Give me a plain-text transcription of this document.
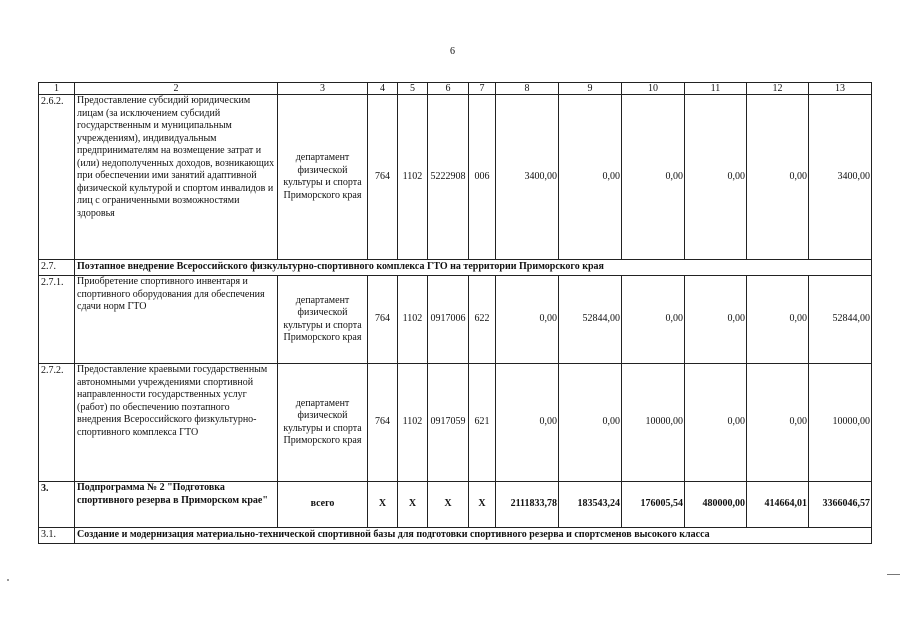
6
1	2	3	4	5	6	7	8	9	10	11	12	13
2.6.2.	Предоставление субсидий юридическим лицам (за исключением субсидий государственным и муниципальным учреждениям), индивидуальным предпринимателям на возмещение затрат и (или) недополученных доходов, возникающих при обеспечении ими занятий адаптивной физической культурой и спортом инвалидов и лиц с ограниченными возможностями здоровья	департамент физической культуры и спорта Приморского края	764	1102	5222908	006	3400,00	0,00	0,00	0,00	0,00	3400,00
2.7.	Поэтапное внедрение Всероссийского физкультурно-спортивного комплекса ГТО на территории Приморского края											
2.7.1.	Приобретение спортивного инвентаря и спортивного оборудования для обеспечения сдачи норм ГТО	департамент физической культуры и спорта Приморского края	764	1102	0917006	622	0,00	52844,00	0,00	0,00	0,00	52844,00
2.7.2.	Предоставление краевыми государственным автономными учреждениями спортивной направленности государственных услуг (работ) по обеспечению поэтапного внедрения Всероссийского физкультурно-спортивного комплекса ГТО	департамент физической культуры и спорта Приморского края	764	1102	0917059	621	0,00	0,00	10000,00	0,00	0,00	10000,00
3.	Подпрограмма № 2 "Подготовка спортивного резерва в Приморском крае"	всего	X	X	X	X	2111833,78	183543,24	176005,54	480000,00	414664,01	3366046,57
3.1.	Создание и модернизация материально-технической спортивной базы для подготовки спортивного резерва и спортсменов высокого класса											
